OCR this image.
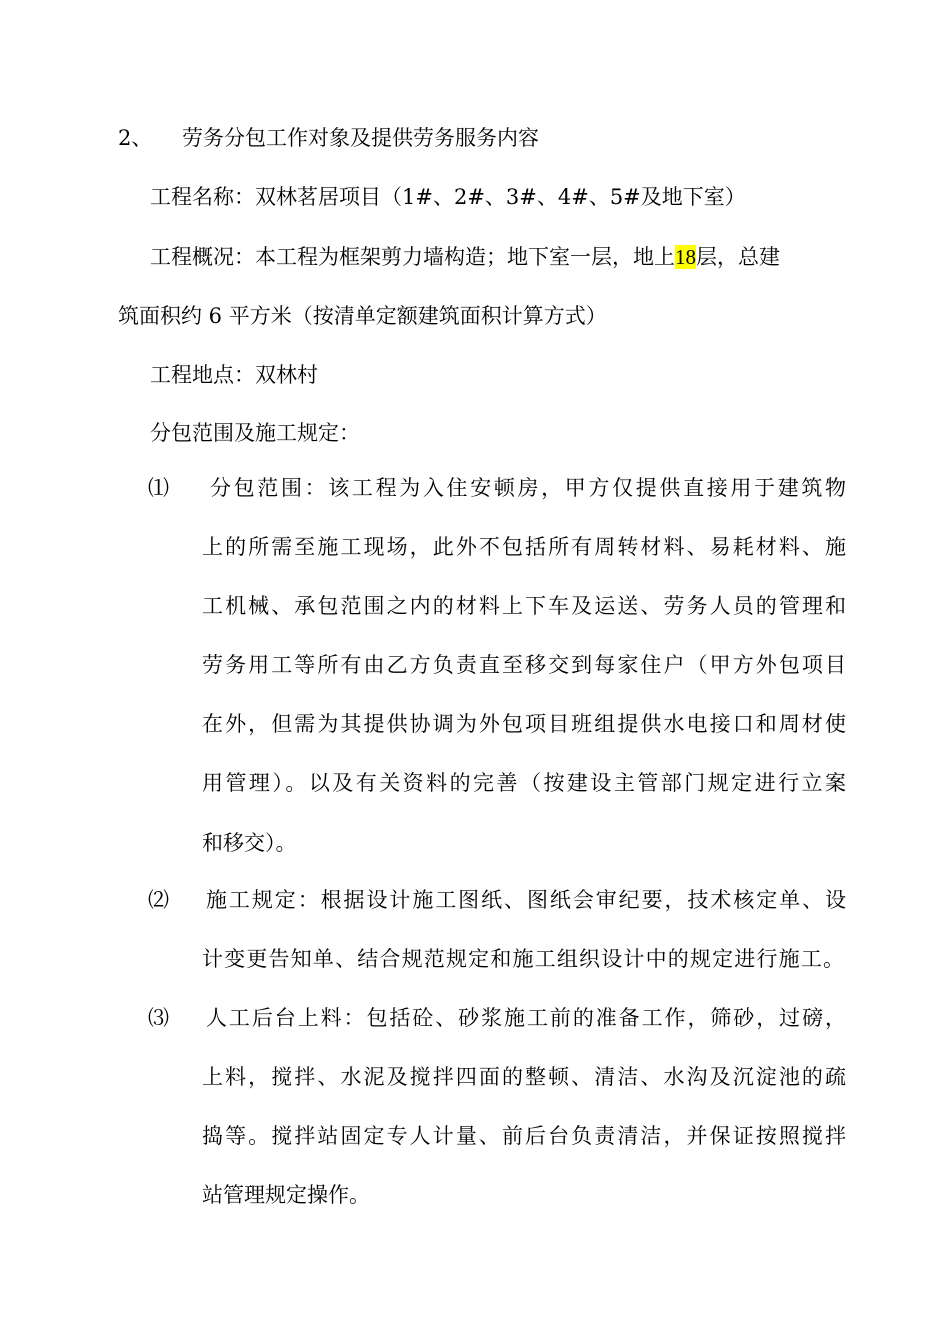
2、 劳务分包工作对象及提供劳务服务内容
工程名称：双林茗居项目（1#、2#、3#、4#、5#及地下室）
工程概况：本工程为框架剪力墙构造；地下室一层，地上18层，总建
筑面积约 6 平方米（按清单定额建筑面积计算方式）
工程地点：双林村
分包范围及施工规定：
⑴ 分包范围：该工程为入住安顿房，甲方仅提供直接用于建筑物
上的所需至施工现场，此外不包括所有周转材料、易耗材料、施
工机械、承包范围之内的材料上下车及运送、劳务人员的管理和
劳务用工等所有由乙方负责直至移交到每家住户（甲方外包项目
在外，但需为其提供协调为外包项目班组提供水电接口和周材使
用管理）。以及有关资料的完善（按建设主管部门规定进行立案
和移交）。
⑵ 施工规定：根据设计施工图纸、图纸会审纪要，技术核定单、设
计变更告知单、结合规范规定和施工组织设计中的规定进行施工。
⑶ 人工后台上料：包括砼、砂浆施工前的准备工作，筛砂，过磅，
上料，搅拌、水泥及搅拌四面的整顿、清洁、水沟及沉淀池的疏
捣等。搅拌站固定专人计量、前后台负责清洁，并保证按照搅拌
站管理规定操作。
